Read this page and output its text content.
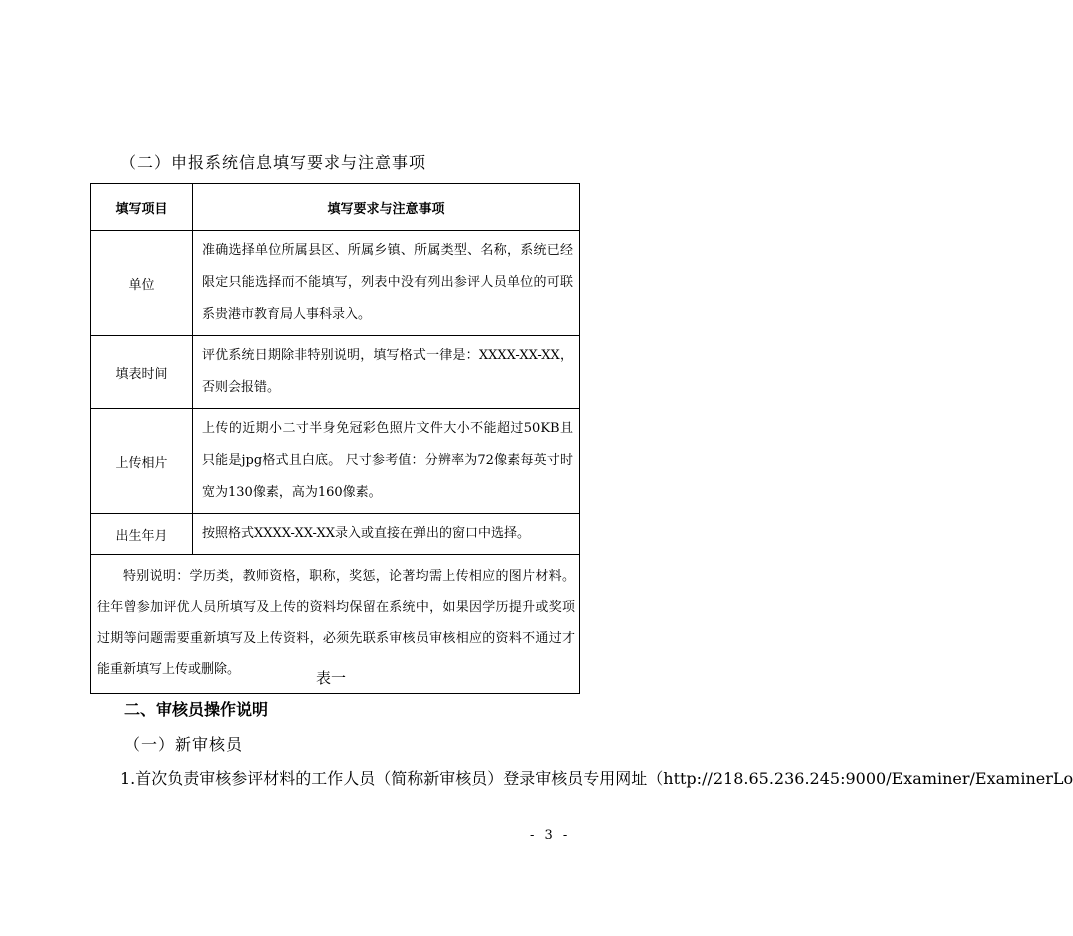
（二）申报系统信息填写要求与注意事项
填写项目	填写要求与注意事项
单位	准确选择单位所属县区、所属乡镇、所属类型、名称，系统已经限定只能选择而不能填写，列表中没有列出参评人员单位的可联系贵港市教育局人事科录入。
填表时间	评优系统日期除非特别说明，填写格式一律是：XXXX-XX-XX，否则会报错。
上传相片	上传的近期小二寸半身免冠彩色照片文件大小不能超过50KB且只能是jpg格式且白底。 尺寸参考值：分辨率为72像素每英寸时宽为130像素，高为160像素。
出生年月	按照格式XXXX-XX-XX录入或直接在弹出的窗口中选择。
特别说明：学历类，教师资格，职称，奖惩，论著均需上传相应的图片材料。往年曾参加评优人员所填写及上传的资料均保留在系统中，如果因学历提升或奖项过期等问题需要重新填写及上传资料，必须先联系审核员审核相应的资料不通过才能重新填写上传或删除。		表一
二、审核员操作说明
（一）新审核员
1.首次负责审核参评材料的工作人员（简称新审核员）登录审核员专用网址（http://218.65.236.245:9000/Examiner/ExaminerLo
- 3 -
